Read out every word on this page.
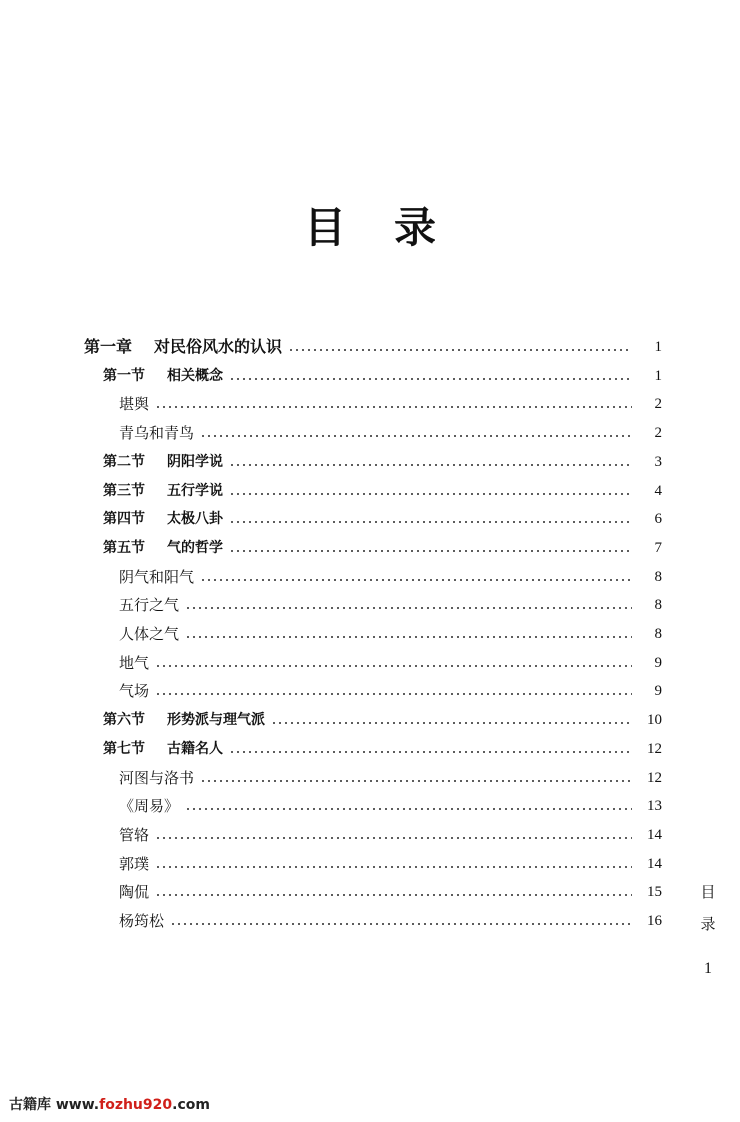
目 录
第一章 对民俗风水的认识	1
第一节 相关概念	1
堪舆	2
青乌和青鸟	2
第二节 阴阳学说	3
第三节 五行学说	4
第四节 太极八卦	6
第五节 气的哲学	7
阴气和阳气	8
五行之气	8
人体之气	8
地气	9
气场	9
第六节 形势派与理气派	10
第七节 古籍名人	12
河图与洛书	12
《周易》	13
管辂	14
郭璞	14
陶侃	15
杨筠松	16
目
录
1
古籍库 www.fozhu920.com
